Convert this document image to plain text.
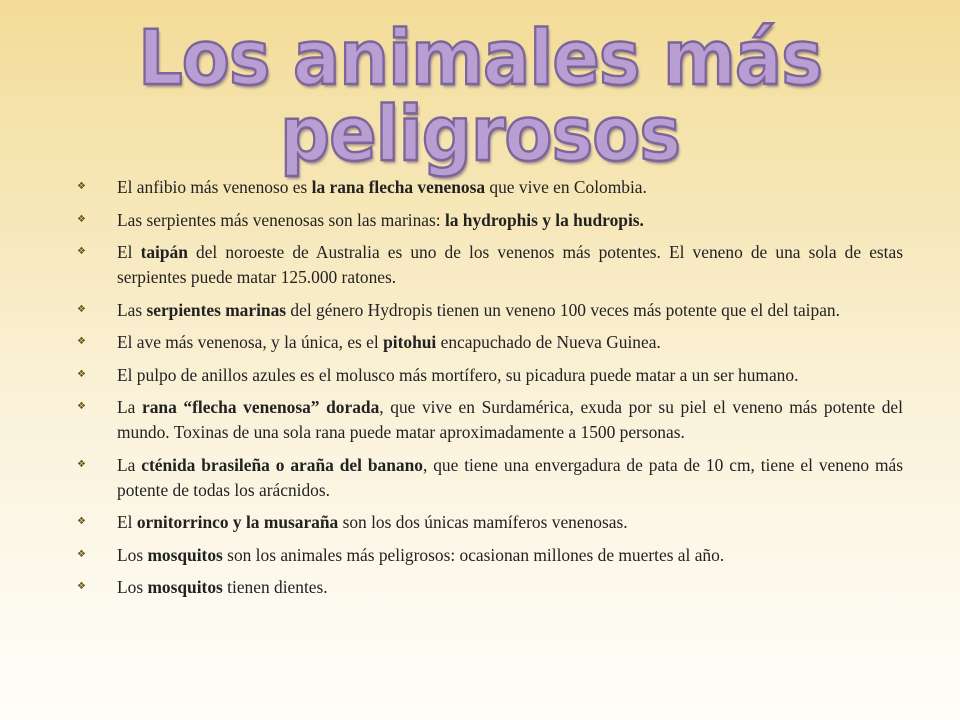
Los animales más peligrosos
❖ El anfibio más venenoso es la rana flecha venenosa que vive en Colombia.
❖ Las serpientes más venenosas son las marinas: la hydrophis y la hudropis.
❖ El taipán del noroeste de Australia es uno de los venenos más potentes. El veneno de una sola de estas serpientes puede matar 125.000 ratones.
❖ Las serpientes marinas del género Hydropis tienen un veneno 100 veces más potente que el del taipan.
❖ El ave más venenosa, y la única, es el pitohui encapuchado de Nueva Guinea.
❖ El pulpo de anillos azules es el molusco más mortífero, su picadura puede matar a un ser humano.
❖ La rana “flecha venenosa” dorada, que vive en Surdamérica, exuda por su piel el veneno más potente del mundo. Toxinas de una sola rana puede matar aproximadamente a 1500 personas.
❖ La cténida brasileña o araña del banano, que tiene una envergadura de pata de 10 cm, tiene el veneno más potente de todas los arácnidos.
❖ El ornitorrinco y la musaraña son los dos únicas mamíferos venenosas.
❖ Los mosquitos son los animales más peligrosos: ocasionan millones de muertes al año.
❖ Los mosquitos tienen dientes.
